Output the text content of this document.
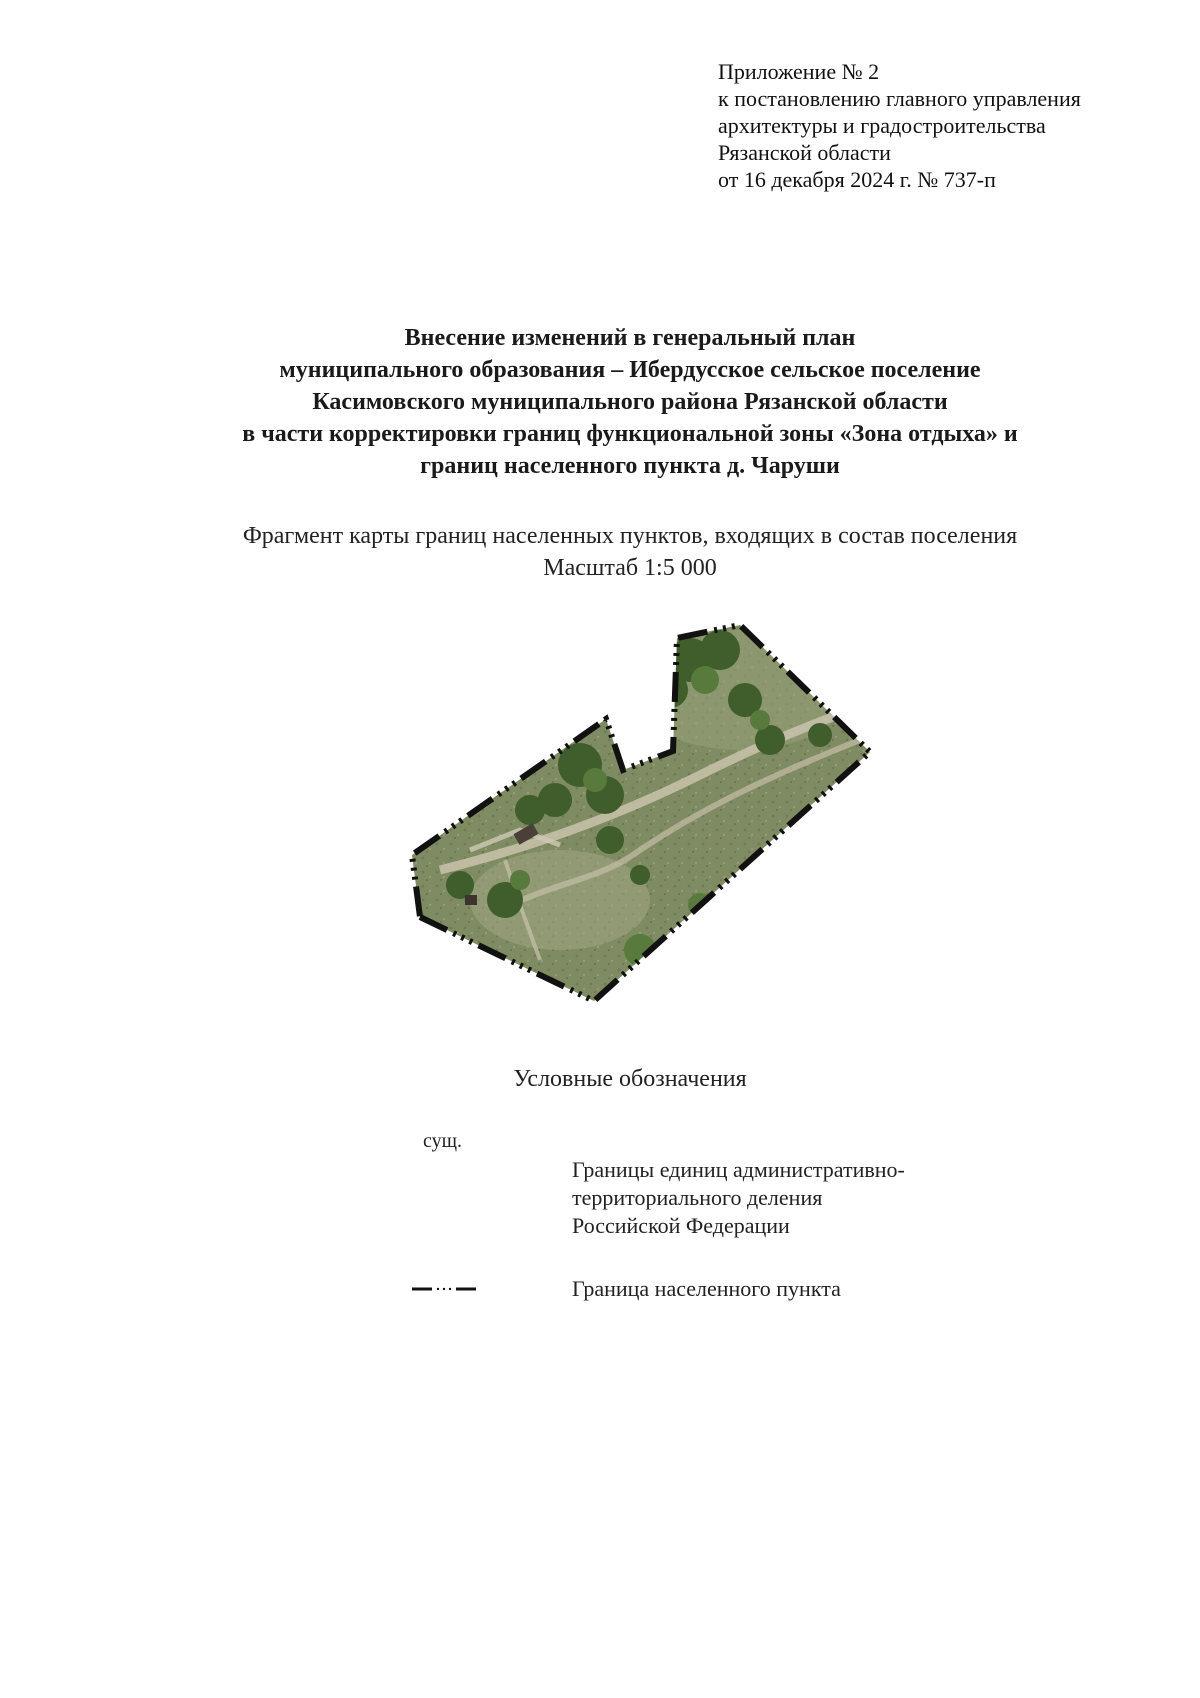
Приложение № 2
к постановлению главного управления
архитектуры и градостроительства
Рязанской области
от 16 декабря 2024 г. № 737-п
Внесение изменений в генеральный план
муниципального образования – Ибердусское сельское поселение
Касимовского муниципального района Рязанской области
в части корректировки границ функциональной зоны «Зона отдыха» и
границ населенного пункта д. Чаруши
Фрагмент карты границ населенных пунктов, входящих в состав поселения
Масштаб 1:5 000
Условные обозначения
сущ.
Границы единиц административно-
территориального деления
Российской Федерации
Граница населенного пункта
